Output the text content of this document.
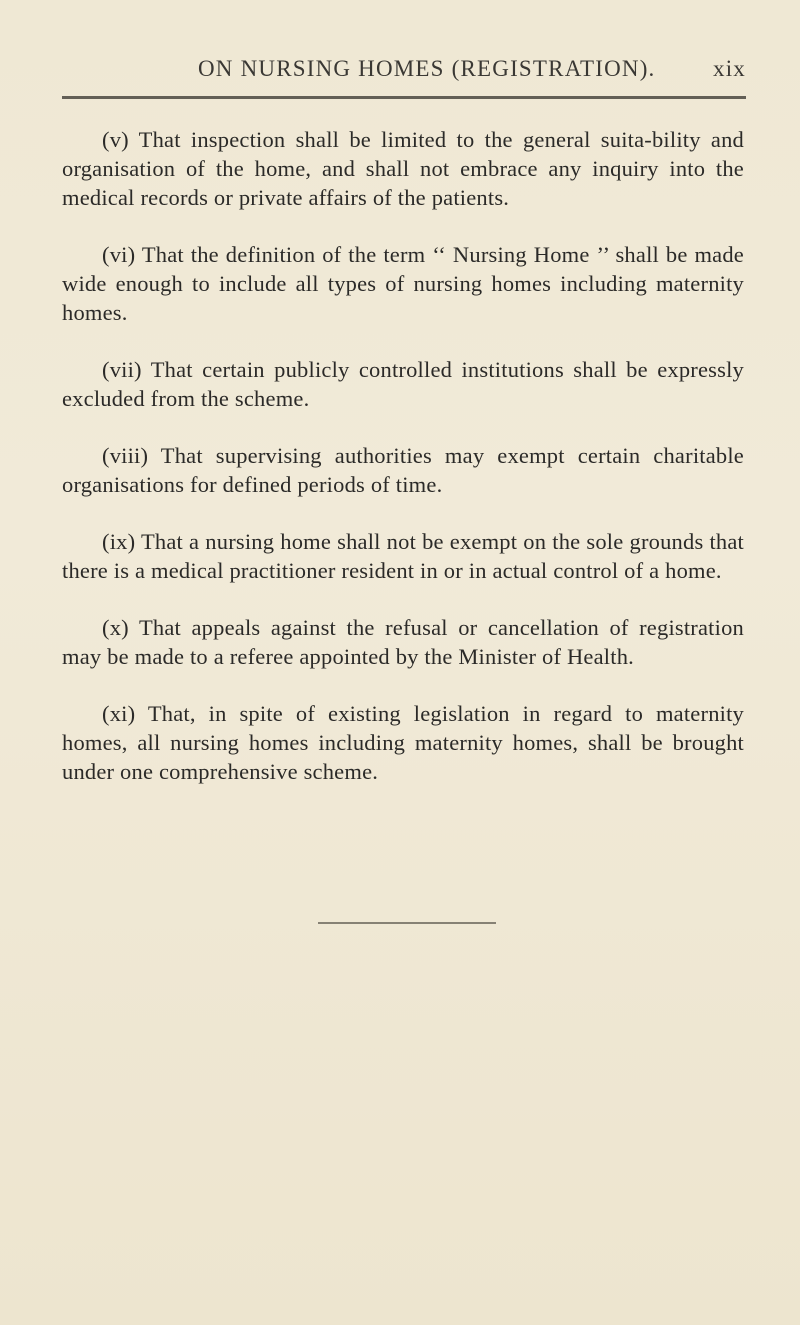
ON NURSING HOMES (REGISTRATION). xix

(v) That inspection shall be limited to the general suita-bility and organisation of the home, and shall not embrace any inquiry into the medical records or private affairs of the patients.

(vi) That the definition of the term ‘‘ Nursing Home ’’ shall be made wide enough to include all types of nursing homes including maternity homes.

(vii) That certain publicly controlled institutions shall be expressly excluded from the scheme.

(viii) That supervising authorities may exempt certain charitable organisations for defined periods of time.

(ix) That a nursing home shall not be exempt on the sole grounds that there is a medical practitioner resident in or in actual control of a home.

(x) That appeals against the refusal or cancellation of registration may be made to a referee appointed by the Minister of Health.

(xi) That, in spite of existing legislation in regard to maternity homes, all nursing homes including maternity homes, shall be brought under one comprehensive scheme.
